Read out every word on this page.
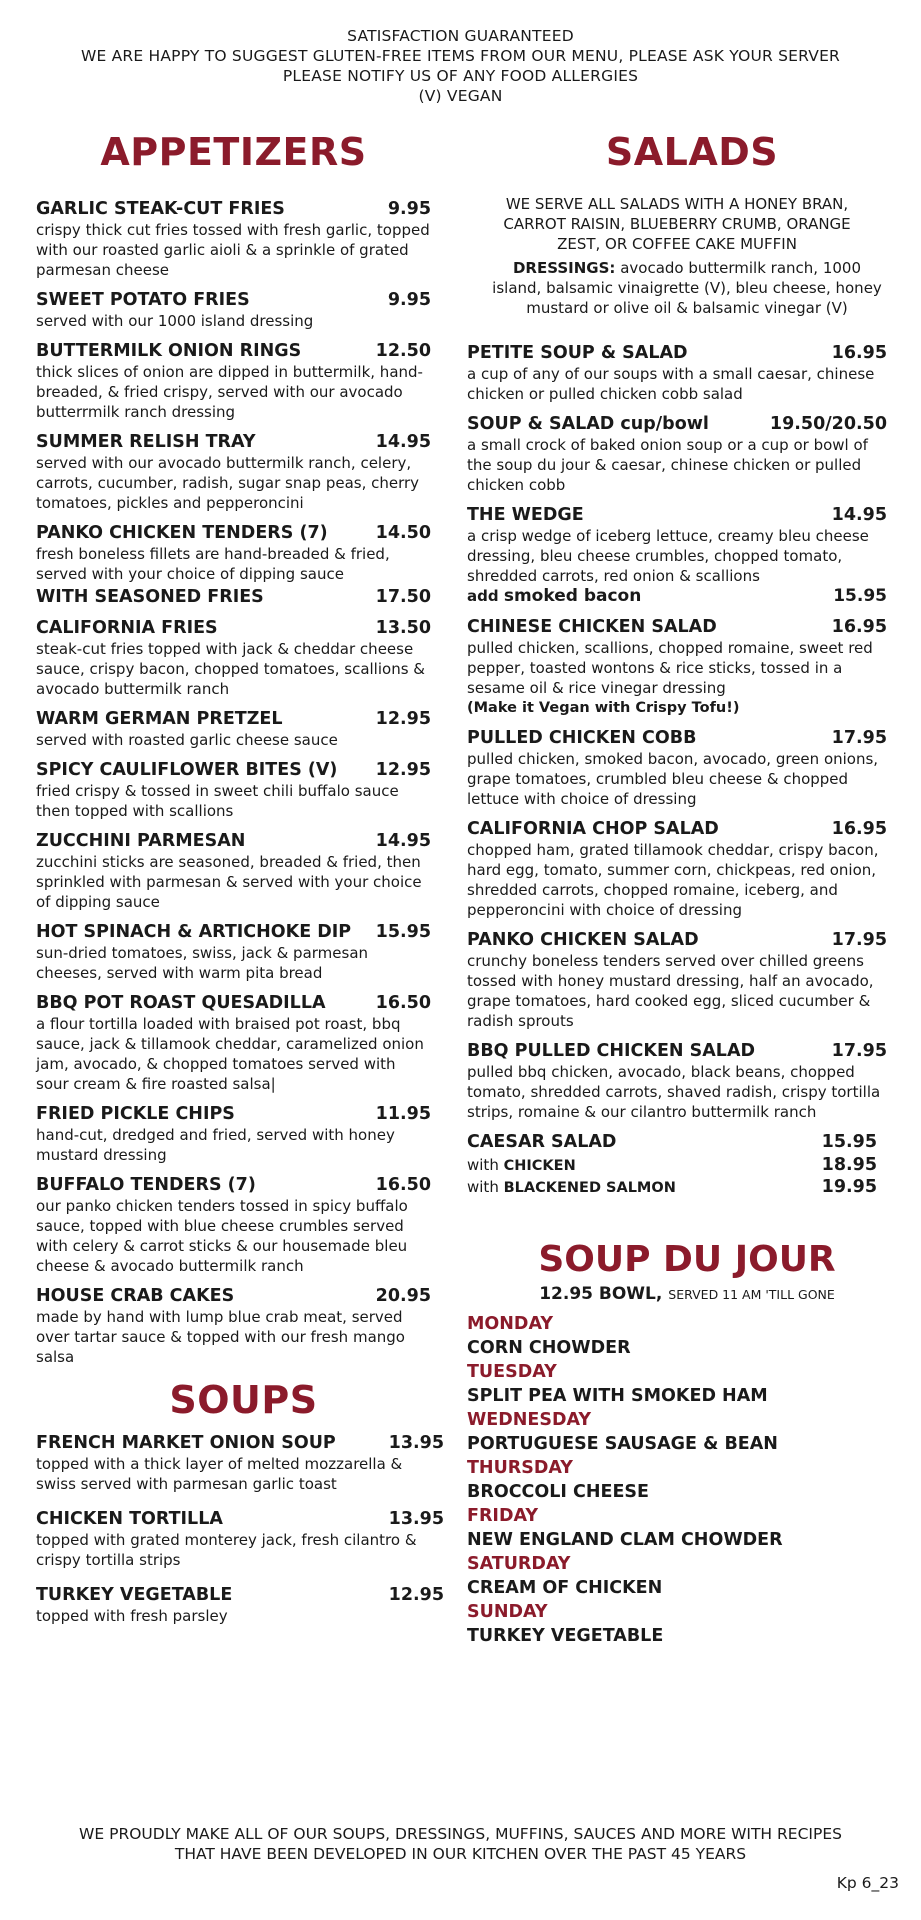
SATISFACTION GUARANTEED
WE ARE HAPPY TO SUGGEST GLUTEN-FREE ITEMS FROM OUR MENU, PLEASE ASK YOUR SERVER
PLEASE NOTIFY US OF ANY FOOD ALLERGIES
(V) VEGAN
APPETIZERS
GARLIC STEAK-CUT FRIES	9.95
crispy thick cut fries tossed with fresh garlic, topped with our roasted garlic aioli & a sprinkle of grated parmesan cheese
SWEET POTATO FRIES	9.95
served with our 1000 island dressing
BUTTERMILK ONION RINGS	12.50
thick slices of onion are dipped in buttermilk, hand-breaded, & fried crispy, served with our avocado butterrmilk ranch dressing
SUMMER RELISH TRAY	14.95
served with our avocado buttermilk ranch, celery, carrots, cucumber, radish, sugar snap peas, cherry tomatoes, pickles and pepperoncini
PANKO CHICKEN TENDERS (7)	14.50
fresh boneless fillets are hand-breaded & fried, served with your choice of dipping sauce
WITH SEASONED FRIES	17.50
CALIFORNIA FRIES	13.50
steak-cut fries topped with jack & cheddar cheese sauce, crispy bacon, chopped tomatoes, scallions & avocado buttermilk ranch
WARM GERMAN PRETZEL	12.95
served with roasted garlic cheese sauce
SPICY CAULIFLOWER BITES (V) 12.95
fried crispy & tossed in sweet chili buffalo sauce then topped with scallions
ZUCCHINI PARMESAN	14.95
zucchini sticks are seasoned, breaded & fried, then sprinkled with parmesan & served with your choice of dipping sauce
HOT SPINACH & ARTICHOKE DIP 15.95
sun-dried tomatoes, swiss, jack & parmesan cheeses, served with warm pita bread
BBQ POT ROAST QUESADILLA	16.50
a flour tortilla loaded with braised pot roast, bbq sauce, jack & tillamook cheddar, caramelized onion jam, avocado, & chopped tomatoes served with sour cream & fire roasted salsa|
FRIED PICKLE CHIPS	11.95
hand-cut, dredged and fried, served with honey mustard dressing
BUFFALO TENDERS (7)	16.50
our panko chicken tenders tossed in spicy buffalo sauce, topped with blue cheese crumbles served with celery & carrot sticks & our housemade bleu cheese & avocado buttermilk ranch
HOUSE CRAB CAKES	20.95
made by hand with lump blue crab meat, served over tartar sauce & topped with our fresh mango salsa
SOUPS
FRENCH MARKET ONION SOUP	13.95
topped with a thick layer of melted mozzarella & swiss served with parmesan garlic toast
CHICKEN TORTILLA	13.95
topped with grated monterey jack, fresh cilantro & crispy tortilla strips
TURKEY VEGETABLE	12.95
topped with fresh parsley
SALADS
WE SERVE ALL SALADS WITH A HONEY BRAN, CARROT RAISIN, BLUEBERRY CRUMB, ORANGE ZEST, OR COFFEE CAKE MUFFIN
DRESSINGS: avocado buttermilk ranch, 1000 island, balsamic vinaigrette (V), bleu cheese, honey mustard or olive oil & balsamic vinegar (V)
PETITE SOUP & SALAD	16.95
a cup of any of our soups with a small caesar, chinese chicken or pulled chicken cobb salad
SOUP & SALAD cup/bowl	19.50/20.50
a small crock of baked onion soup or a cup or bowl of the soup du jour & caesar, chinese chicken or pulled chicken cobb
THE WEDGE	14.95
a crisp wedge of iceberg lettuce, creamy bleu cheese dressing, bleu cheese crumbles, chopped tomato, shredded carrots, red onion & scallions
add smoked bacon	15.95
CHINESE CHICKEN SALAD	16.95
pulled chicken, scallions, chopped romaine, sweet red pepper, toasted wontons & rice sticks, tossed in a sesame oil & rice vinegar dressing
(Make it Vegan with Crispy Tofu!)
PULLED CHICKEN COBB	17.95
pulled chicken, smoked bacon, avocado, green onions, grape tomatoes, crumbled bleu cheese & chopped lettuce with choice of dressing
CALIFORNIA CHOP SALAD	16.95
chopped ham, grated tillamook cheddar, crispy bacon, hard egg, tomato, summer corn, chickpeas, red onion, shredded carrots, chopped romaine, iceberg, and pepperoncini with choice of dressing
PANKO CHICKEN SALAD	17.95
crunchy boneless tenders served over chilled greens tossed with honey mustard dressing, half an avocado, grape tomatoes, hard cooked egg, sliced cucumber & radish sprouts
BBQ PULLED CHICKEN SALAD	17.95
pulled bbq chicken, avocado, black beans, chopped tomato, shredded carrots, shaved radish, crispy tortilla strips, romaine & our cilantro buttermilk ranch
CAESAR SALAD	15.95
with CHICKEN	18.95
with BLACKENED SALMON	19.95
SOUP DU JOUR
12.95 BOWL, SERVED 11 AM 'TILL GONE
MONDAY
CORN CHOWDER
TUESDAY
SPLIT PEA WITH SMOKED HAM
WEDNESDAY
PORTUGUESE SAUSAGE & BEAN
THURSDAY
BROCCOLI CHEESE
FRIDAY
NEW ENGLAND CLAM CHOWDER
SATURDAY
CREAM OF CHICKEN
SUNDAY
TURKEY VEGETABLE
WE PROUDLY MAKE ALL OF OUR SOUPS, DRESSINGS, MUFFINS, SAUCES AND MORE WITH RECIPES
THAT HAVE BEEN DEVELOPED IN OUR KITCHEN OVER THE PAST 45 YEARS
Kp 6_23
